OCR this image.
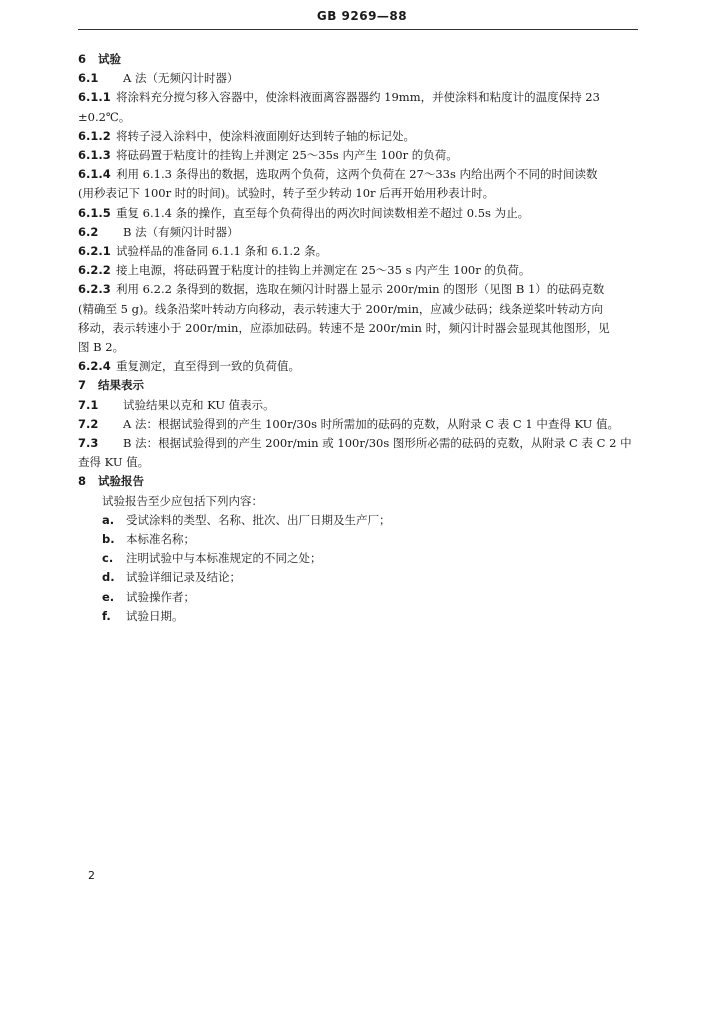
GB 9269—88

6 试验

6.1 A 法（无频闪计时器）

6.1.1 将涂料充分搅匀移入容器中，使涂料液面离容器器约 19mm，并使涂料和粘度计的温度保持 23

±0.2℃。

6.1.2 将转子浸入涂料中，使涂料液面刚好达到转子轴的标记处。

6.1.3 将砝码置于粘度计的挂钩上并测定 25～35s 内产生 100r 的负荷。

6.1.4 利用 6.1.3 条得出的数据，选取两个负荷，这两个负荷在 27～33s 内给出两个不同的时间读数

(用秒表记下 100r 时的时间)。试验时，转子至少转动 10r 后再开始用秒表计时。

6.1.5 重复 6.1.4 条的操作，直至每个负荷得出的两次时间读数相差不超过 0.5s 为止。

6.2 B 法（有频闪计时器）

6.2.1 试验样品的准备同 6.1.1 条和 6.1.2 条。

6.2.2 接上电源，将砝码置于粘度计的挂钩上并测定在 25～35 s 内产生 100r 的负荷。

6.2.3 利用 6.2.2 条得到的数据，选取在频闪计时器上显示 200r/min 的图形（见图 B 1）的砝码克数

(精确至 5 g)。线条沿桨叶转动方向移动，表示转速大于 200r/min，应减少砝码；线条逆桨叶转动方向

移动，表示转速小于 200r/min，应添加砝码。转速不是 200r/min 时，频闪计时器会显现其他图形，见

图 B 2。

6.2.4 重复测定，直至得到一致的负荷值。

7 结果表示

7.1 试验结果以克和 KU 值表示。

7.2 A 法：根据试验得到的产生 100r/30s 时所需加的砝码的克数，从附录 C 表 C 1 中查得 KU 值。

7.3 B 法：根据试验得到的产生 200r/min 或 100r/30s 图形所必需的砝码的克数，从附录 C 表 C 2 中

查得 KU 值。

8 试验报告

试验报告至少应包括下列内容：

a. 受试涂料的类型、名称、批次、出厂日期及生产厂；

b. 本标准名称；

c. 注明试验中与本标准规定的不同之处；

d. 试验详细记录及结论；

e. 试验操作者；

f. 试验日期。

2
